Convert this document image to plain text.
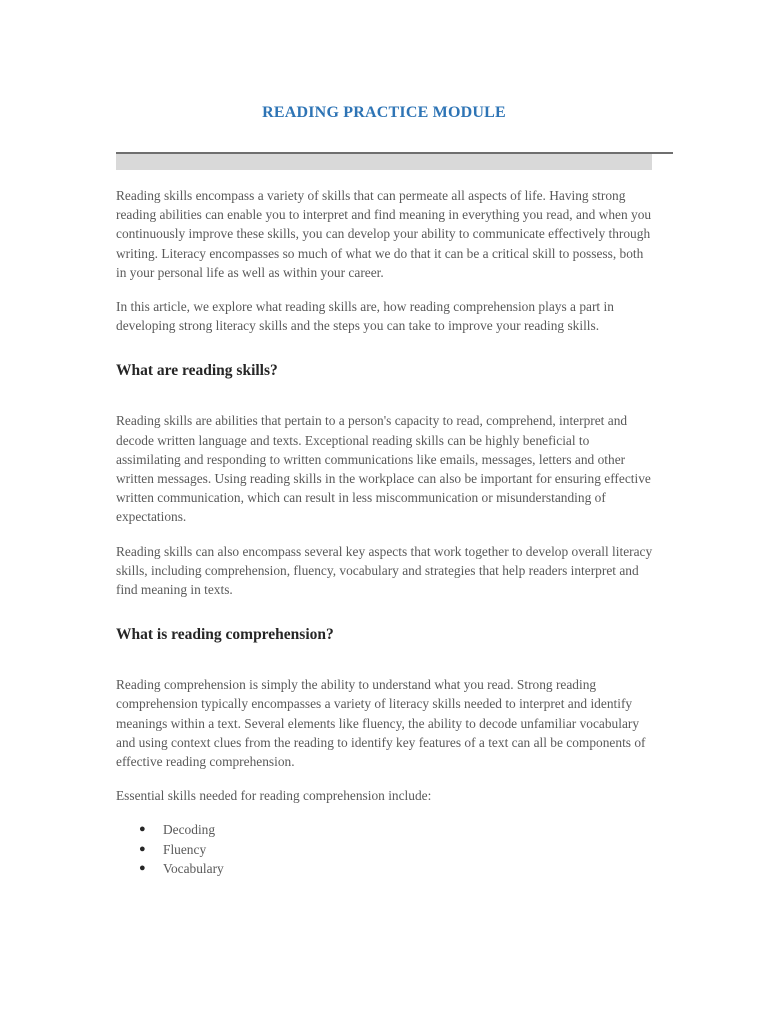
READING PRACTICE MODULE

Reading skills encompass a variety of skills that can permeate all aspects of life. Having strong reading abilities can enable you to interpret and find meaning in everything you read, and when you continuously improve these skills, you can develop your ability to communicate effectively through writing. Literacy encompasses so much of what we do that it can be a critical skill to possess, both in your personal life as well as within your career.

In this article, we explore what reading skills are, how reading comprehension plays a part in developing strong literacy skills and the steps you can take to improve your reading skills.

What are reading skills?

Reading skills are abilities that pertain to a person's capacity to read, comprehend, interpret and decode written language and texts. Exceptional reading skills can be highly beneficial to assimilating and responding to written communications like emails, messages, letters and other written messages. Using reading skills in the workplace can also be important for ensuring effective written communication, which can result in less miscommunication or misunderstanding of expectations.

Reading skills can also encompass several key aspects that work together to develop overall literacy skills, including comprehension, fluency, vocabulary and strategies that help readers interpret and find meaning in texts.

What is reading comprehension?

Reading comprehension is simply the ability to understand what you read. Strong reading comprehension typically encompasses a variety of literacy skills needed to interpret and identify meanings within a text. Several elements like fluency, the ability to decode unfamiliar vocabulary and using context clues from the reading to identify key features of a text can all be components of effective reading comprehension.

Essential skills needed for reading comprehension include:

● Decoding
● Fluency
● Vocabulary
